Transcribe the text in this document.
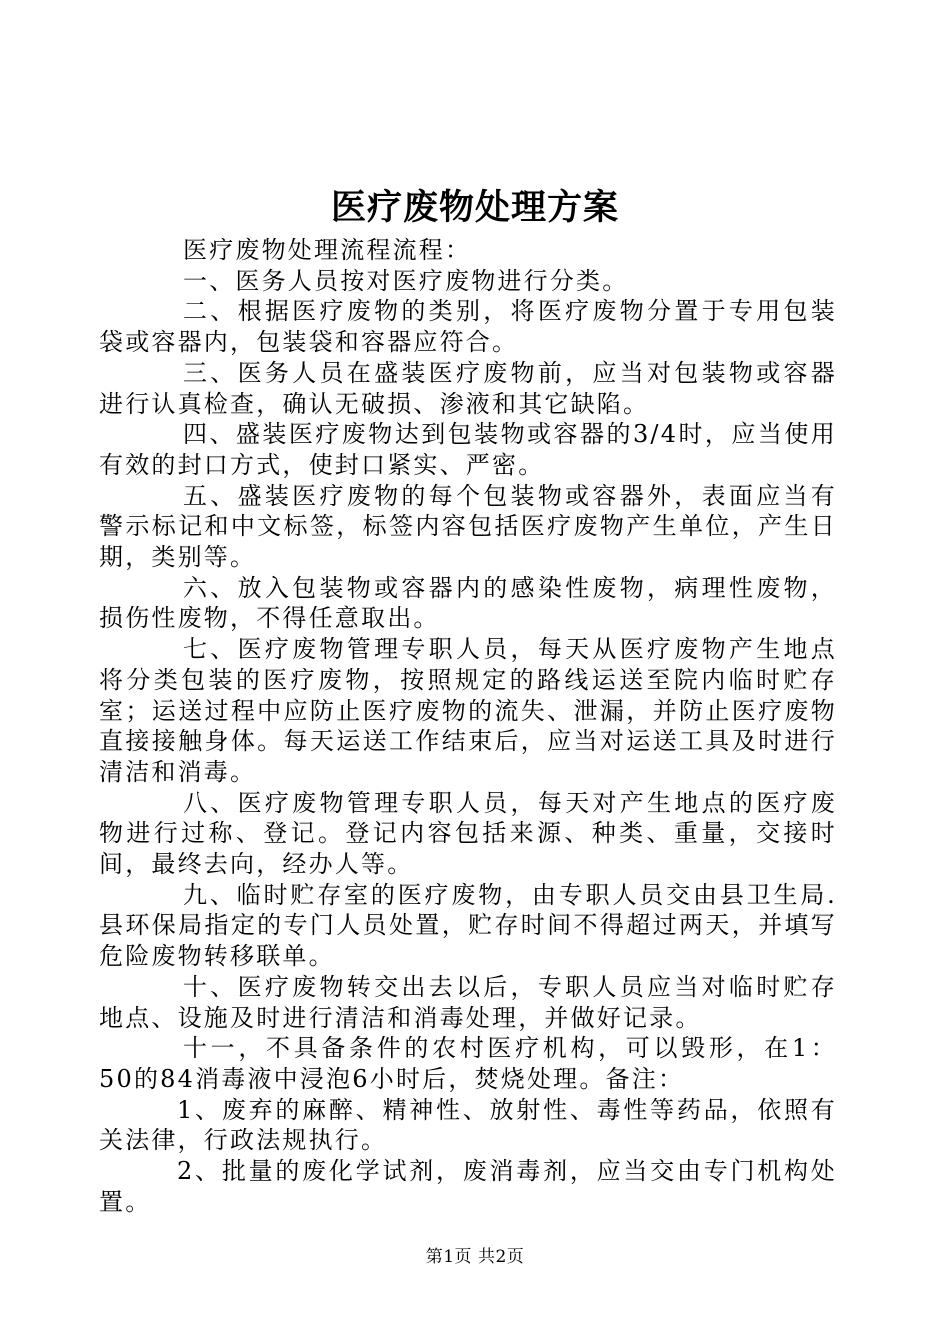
医疗废物处理方案

医疗废物处理流程流程：

一、医务人员按对医疗废物进行分类。

二、根据医疗废物的类别，将医疗废物分置于专用包装袋或容器内，包装袋和容器应符合。

三、医务人员在盛装医疗废物前，应当对包装物或容器进行认真检查，确认无破损、渗液和其它缺陷。

四、盛装医疗废物达到包装物或容器的3/4时，应当使用有效的封口方式，使封口紧实、严密。

五、盛装医疗废物的每个包装物或容器外，表面应当有警示标记和中文标签，标签内容包括医疗废物产生单位，产生日期，类别等。

六、放入包装物或容器内的感染性废物，病理性废物，损伤性废物，不得任意取出。

七、医疗废物管理专职人员，每天从医疗废物产生地点将分类包装的医疗废物，按照规定的路线运送至院内临时贮存室；运送过程中应防止医疗废物的流失、泄漏，并防止医疗废物直接接触身体。每天运送工作结束后，应当对运送工具及时进行清洁和消毒。

八、医疗废物管理专职人员，每天对产生地点的医疗废物进行过称、登记。登记内容包括来源、种类、重量，交接时间，最终去向，经办人等。

九、临时贮存室的医疗废物，由专职人员交由县卫生局.县环保局指定的专门人员处置，贮存时间不得超过两天，并填写危险废物转移联单。

十、医疗废物转交出去以后，专职人员应当对临时贮存地点、设施及时进行清洁和消毒处理，并做好记录。

十一，不具备条件的农村医疗机构，可以毁形，在1：50的84消毒液中浸泡6小时后，焚烧处理。备注：

1、废弃的麻醉、精神性、放射性、毒性等药品，依照有关法律，行政法规执行。

2、批量的废化学试剂，废消毒剂，应当交由专门机构处置。

第1页 共2页
